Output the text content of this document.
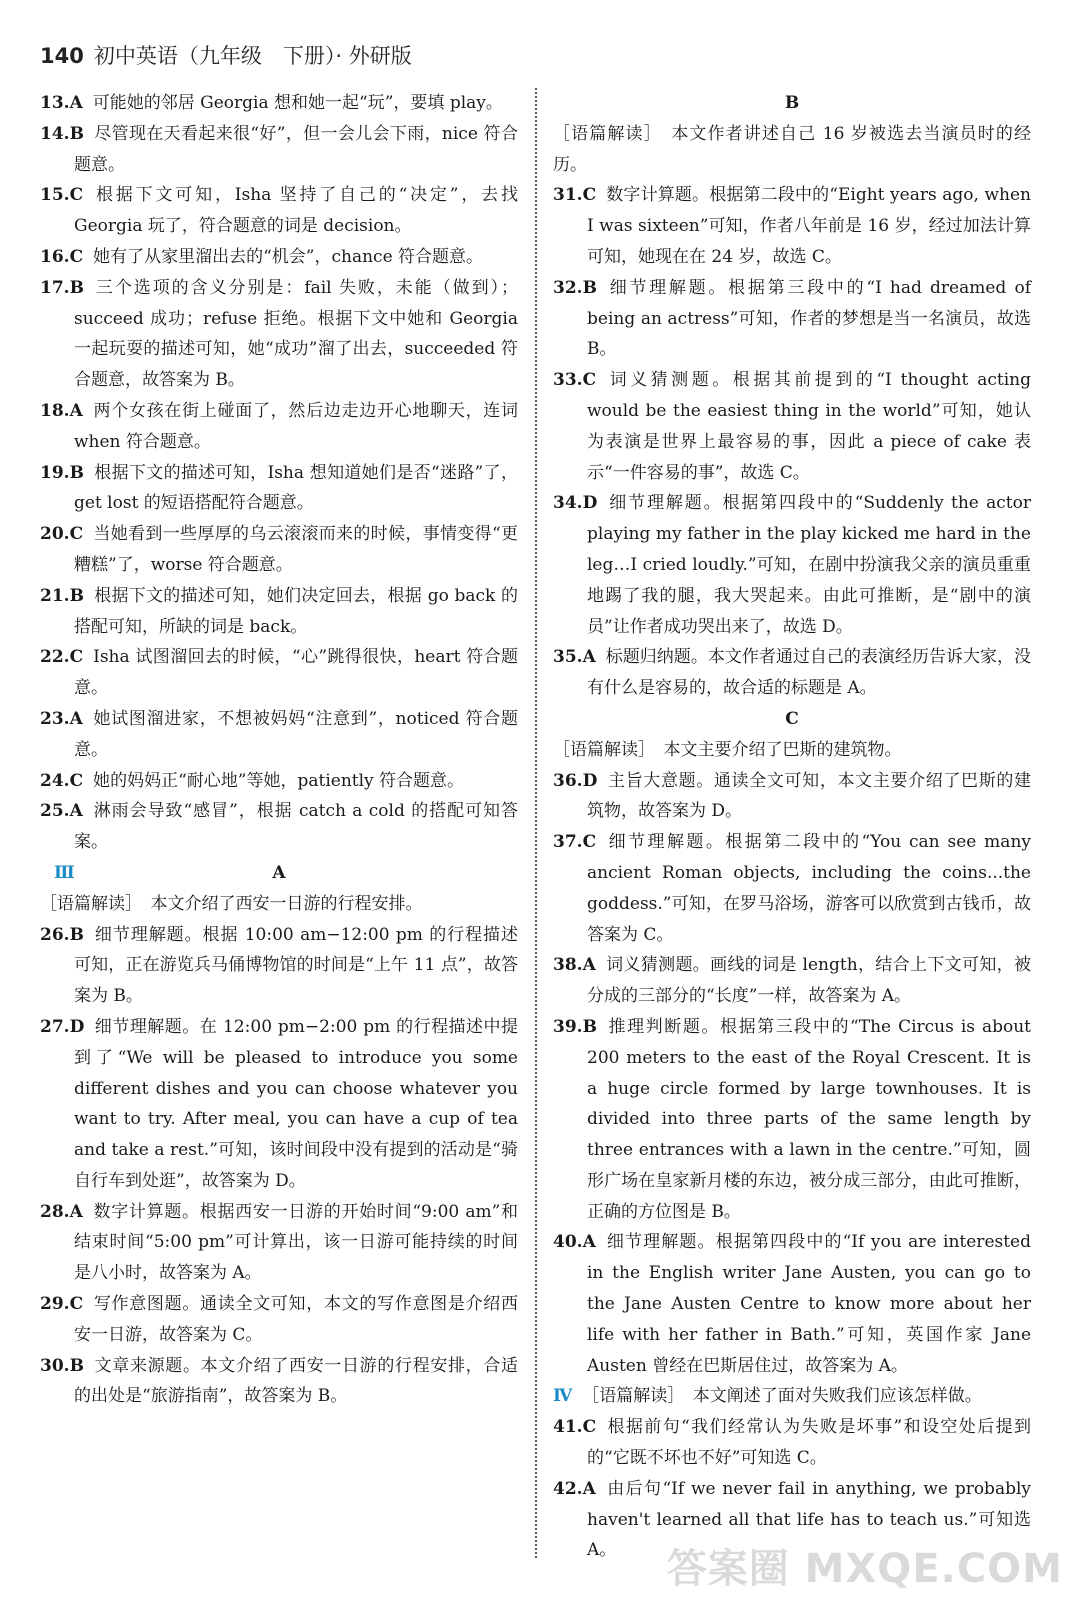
140 初中英语（九年级　下册）· 外研版
13.A 可能她的邻居 Georgia 想和她一起“玩”，要填 play。
14.B 尽管现在天看起来很“好”，但一会儿会下雨，nice 符合题意。
15.C 根据下文可知，Isha 坚持了自己的“决定”，去找 Georgia 玩了，符合题意的词是 decision。
16.C 她有了从家里溜出去的“机会”，chance 符合题意。
17.B 三个选项的含义分别是：fail 失败，未能（做到）；succeed 成功；refuse 拒绝。根据下文中她和 Georgia 一起玩耍的描述可知，她“成功”溜了出去，succeeded 符合题意，故答案为 B。
18.A 两个女孩在街上碰面了，然后边走边开心地聊天，连词 when 符合题意。
19.B 根据下文的描述可知，Isha 想知道她们是否“迷路”了，get lost 的短语搭配符合题意。
20.C 当她看到一些厚厚的乌云滚滚而来的时候，事情变得“更糟糕”了，worse 符合题意。
21.B 根据下文的描述可知，她们决定回去，根据 go back 的搭配可知，所缺的词是 back。
22.C Isha 试图溜回去的时候，“心”跳得很快，heart 符合题意。
23.A 她试图溜进家，不想被妈妈“注意到”，noticed 符合题意。
24.C 她的妈妈正“耐心地”等她，patiently 符合题意。
25.A 淋雨会导致“感冒”，根据 catch a cold 的搭配可知答案。
Ⅲ	A
［语篇解读］　本文介绍了西安一日游的行程安排。
26.B 细节理解题。根据 10:00 am−12:00 pm 的行程描述可知，正在游览兵马俑博物馆的时间是“上午 11 点”，故答案为 B。
27.D 细节理解题。在 12:00 pm−2:00 pm 的行程描述中提到了“We will be pleased to introduce you some different dishes and you can choose whatever you want to try. After meal, you can have a cup of tea and take a rest.”可知，该时间段中没有提到的活动是“骑自行车到处逛”，故答案为 D。
28.A 数字计算题。根据西安一日游的开始时间“9:00 am”和结束时间“5:00 pm”可计算出，该一日游可能持续的时间是八小时，故答案为 A。
29.C 写作意图题。通读全文可知，本文的写作意图是介绍西安一日游，故答案为 C。
30.B 文章来源题。本文介绍了西安一日游的行程安排，合适的出处是“旅游指南”，故答案为 B。
B
［语篇解读］　本文作者讲述自己 16 岁被选去当演员时的经历。
31.C 数字计算题。根据第二段中的“Eight years ago, when I was sixteen”可知，作者八年前是 16 岁，经过加法计算可知，她现在在 24 岁，故选 C。
32.B 细节理解题。根据第三段中的“I had dreamed of being an actress”可知，作者的梦想是当一名演员，故选 B。
33.C 词义猜测题。根据其前提到的“I thought acting would be the easiest thing in the world”可知，她认为表演是世界上最容易的事，因此 a piece of cake 表示“一件容易的事”，故选 C。
34.D 细节理解题。根据第四段中的“Suddenly the actor playing my father in the play kicked me hard in the leg…I cried loudly.”可知，在剧中扮演我父亲的演员重重地踢了我的腿，我大哭起来。由此可推断，是“剧中的演员”让作者成功哭出来了，故选 D。
35.A 标题归纳题。本文作者通过自己的表演经历告诉大家，没有什么是容易的，故合适的标题是 A。
C
［语篇解读］　本文主要介绍了巴斯的建筑物。
36.D 主旨大意题。通读全文可知，本文主要介绍了巴斯的建筑物，故答案为 D。
37.C 细节理解题。根据第二段中的“You can see many ancient Roman objects, including the coins...the goddess.”可知，在罗马浴场，游客可以欣赏到古钱币，故答案为 C。
38.A 词义猜测题。画线的词是 length，结合上下文可知，被分成的三部分的“长度”一样，故答案为 A。
39.B 推理判断题。根据第三段中的“The Circus is about 200 meters to the east of the Royal Crescent. It is a huge circle formed by large townhouses. It is divided into three parts of the same length by three entrances with a lawn in the centre.”可知，圆形广场在皇家新月楼的东边，被分成三部分，由此可推断，正确的方位图是 B。
40.A 细节理解题。根据第四段中的“If you are interested in the English writer Jane Austen, you can go to the Jane Austen Centre to know more about her life with her father in Bath.”可知，英国作家 Jane Austen 曾经在巴斯居住过，故答案为 A。
Ⅳ ［语篇解读］　本文阐述了面对失败我们应该怎样做。
41.C 根据前句“我们经常认为失败是坏事”和设空处后提到的“它既不坏也不好”可知选 C。
42.A 由后句“If we never fail in anything, we probably haven't learned all that life has to teach us.”可知选 A。	答案圈 MXQE.COM
